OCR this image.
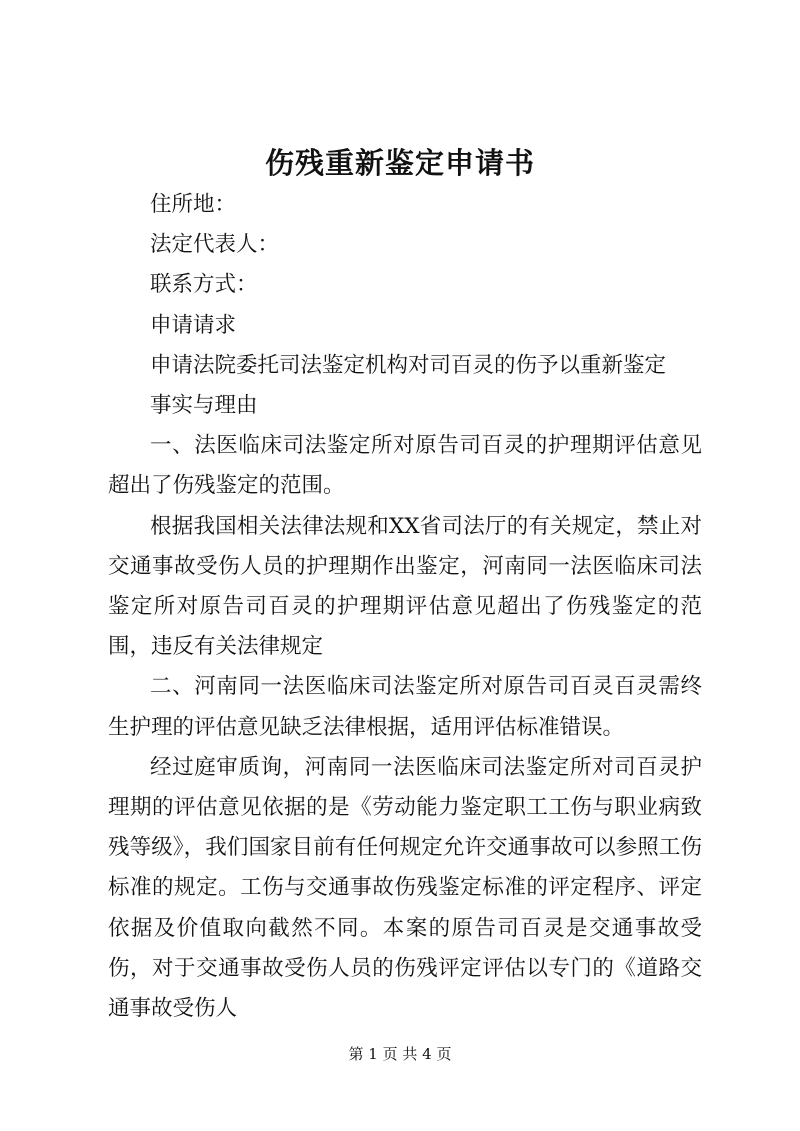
伤残重新鉴定申请书

住所地：

法定代表人：

联系方式：

申请请求

申请法院委托司法鉴定机构对司百灵的伤予以重新鉴定

事实与理由

一、法医临床司法鉴定所对原告司百灵的护理期评估意见超出了伤残鉴定的范围。

根据我国相关法律法规和XX省司法厅的有关规定，禁止对交通事故受伤人员的护理期作出鉴定，河南同一法医临床司法鉴定所对原告司百灵的护理期评估意见超出了伤残鉴定的范围，违反有关法律规定

二、河南同一法医临床司法鉴定所对原告司百灵百灵需终生护理的评估意见缺乏法律根据，适用评估标准错误。

经过庭审质询，河南同一法医临床司法鉴定所对司百灵护理期的评估意见依据的是《劳动能力鉴定职工工伤与职业病致残等级》，我们国家目前有任何规定允许交通事故可以参照工伤标准的规定。工伤与交通事故伤残鉴定标准的评定程序、评定依据及价值取向截然不同。本案的原告司百灵是交通事故受伤，对于交通事故受伤人员的伤残评定评估以专门的《道路交通事故受伤人

第 1 页 共 4 页
